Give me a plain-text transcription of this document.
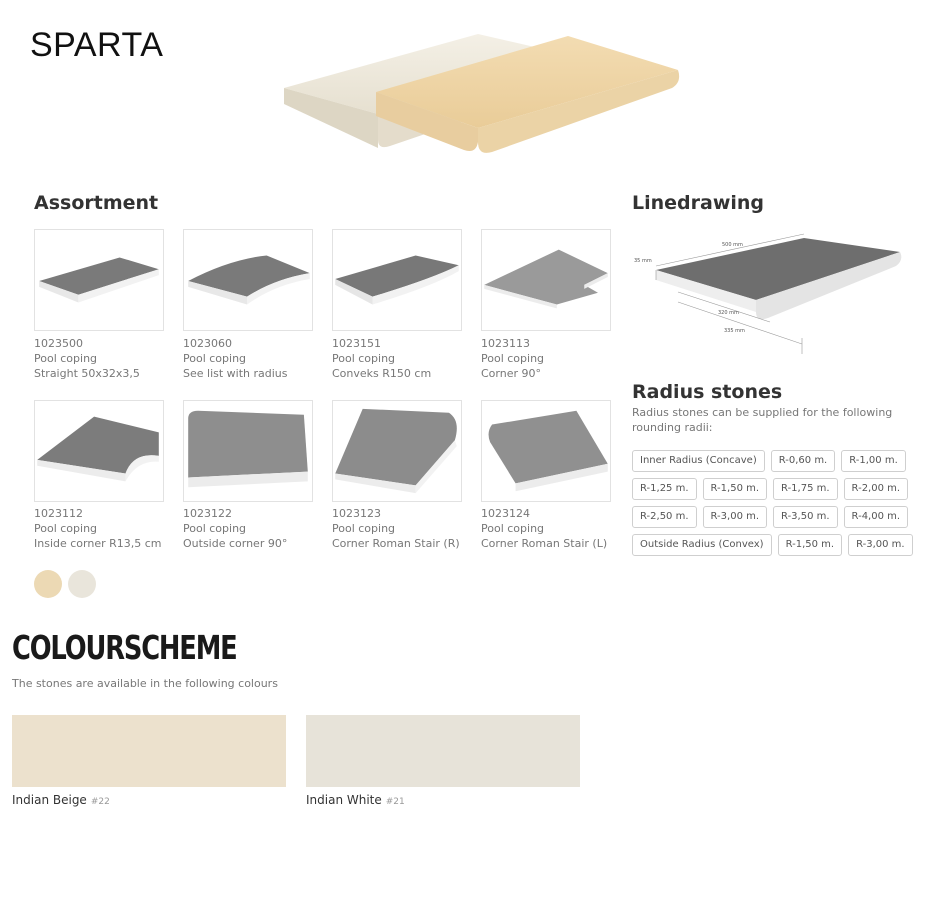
SPARTA
Assortment
1023500
Pool coping
Straight 50x32x3,5
1023060
Pool coping
See list with radius
1023151
Pool coping
Conveks R150 cm
1023113
Pool coping
Corner 90°
1023112
Pool coping
Inside corner R13,5 cm
1023122
Pool coping
Outside corner 90°
1023123
Pool coping
Corner Roman Stair (R)
1023124
Pool coping
Corner Roman Stair (L)
Linedrawing
500 mm
35 mm
320 mm
335 mm
Radius stones
Radius stones can be supplied for the following rounding radii:
Inner Radius (Concave)	R-0,60 m.	R-1,00 m.
R-1,25 m.	R-1,50 m.	R-1,75 m.	R-2,00 m.
R-2,50 m.	R-3,00 m.	R-3,50 m.	R-4,00 m.
Outside Radius (Convex)	R-1,50 m.	R-3,00 m.
COLOURSCHEME
The stones are available in the following colours
Indian Beige #22	Indian White #21
